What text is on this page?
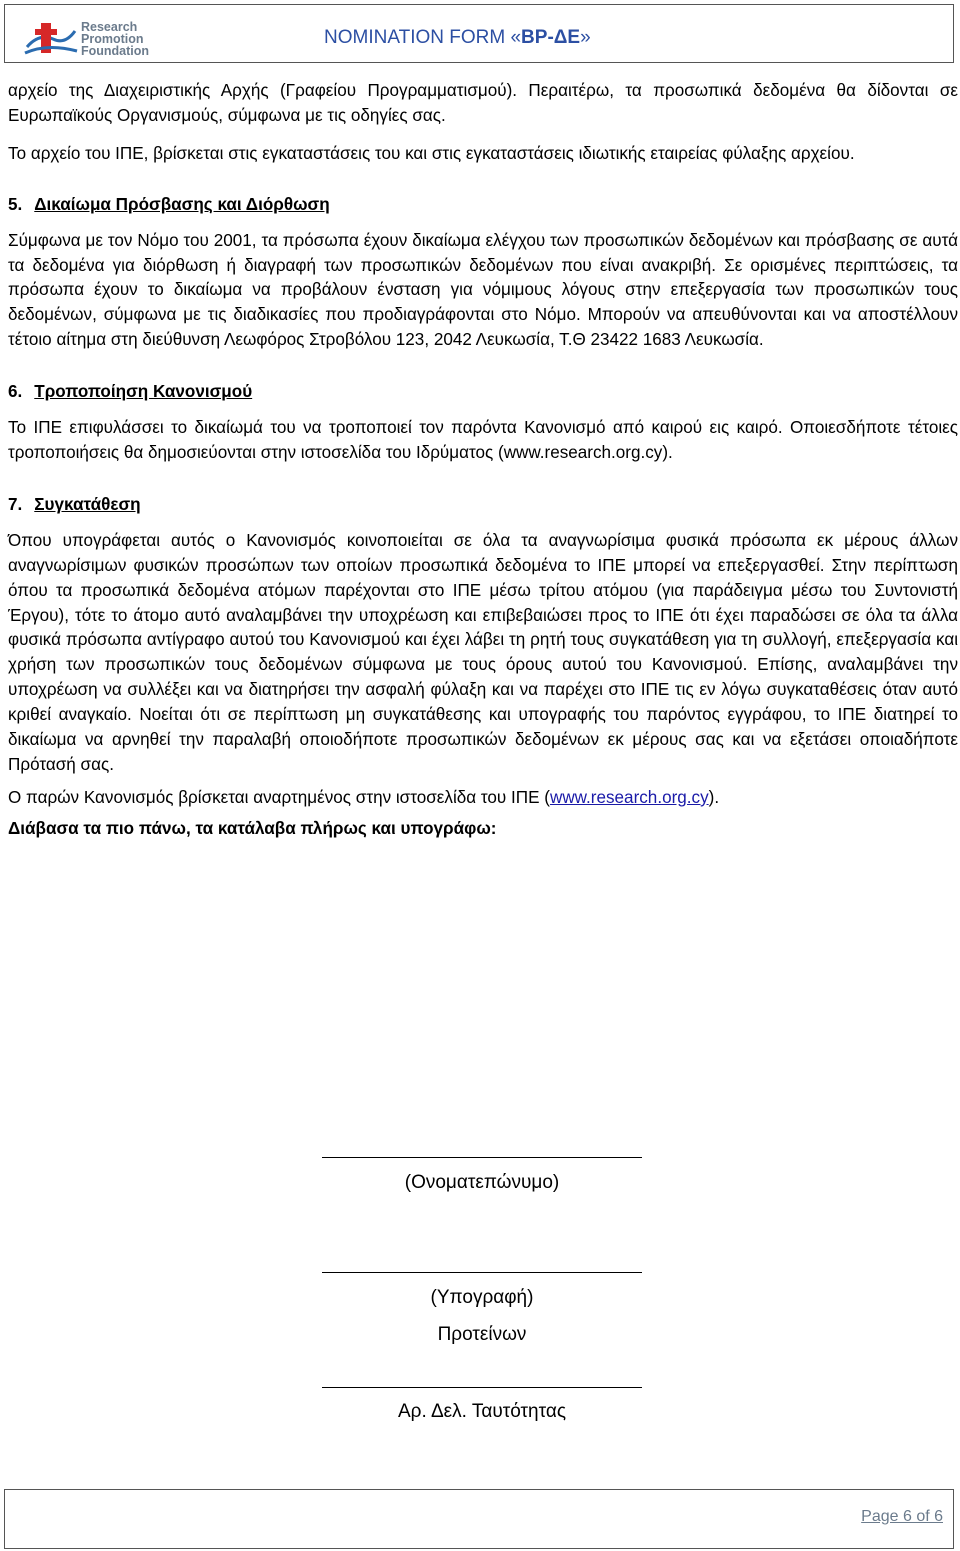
Research
Promotion
Foundation
NOMINATION FORM «ΒΡ-ΔΕ»

αρχείο της Διαχειριστικής Αρχής (Γραφείου Προγραμματισμού). Περαιτέρω, τα προσωπικά δεδομένα θα δίδονται σε Ευρωπαϊκούς Οργανισμούς, σύμφωνα με τις οδηγίες σας.

Το αρχείο του ΙΠΕ, βρίσκεται στις εγκαταστάσεις του και στις εγκαταστάσεις ιδιωτικής εταιρείας φύλαξης αρχείου.

5. Δικαίωμα Πρόσβασης και Διόρθωση

Σύμφωνα με τον Νόμο του 2001, τα πρόσωπα έχουν δικαίωμα ελέγχου των προσωπικών δεδομένων και πρόσβασης σε αυτά τα δεδομένα για διόρθωση ή διαγραφή των προσωπικών δεδομένων που είναι ανακριβή. Σε ορισμένες περιπτώσεις, τα πρόσωπα έχουν το δικαίωμα να προβάλουν ένσταση για νόμιμους λόγους στην επεξεργασία των προσωπικών τους δεδομένων, σύμφωνα με τις διαδικασίες που προδιαγράφονται στο Νόμο. Μπορούν να απευθύνονται και να αποστέλλουν τέτοιο αίτημα στη διεύθυνση Λεωφόρος Στροβόλου 123, 2042 Λευκωσία, Τ.Θ 23422 1683 Λευκωσία.

6. Τροποποίηση Κανονισμού

Το ΙΠΕ επιφυλάσσει το δικαίωμά του να τροποποιεί τον παρόντα Κανονισμό από καιρού εις καιρό. Οποιεσδήποτε τέτοιες τροποποιήσεις θα δημοσιεύονται στην ιστοσελίδα του Ιδρύματος (www.research.org.cy).

7. Συγκατάθεση

Όπου υπογράφεται αυτός ο Κανονισμός κοινοποιείται σε όλα τα αναγνωρίσιμα φυσικά πρόσωπα εκ μέρους άλλων αναγνωρίσιμων φυσικών προσώπων των οποίων προσωπικά δεδομένα το ΙΠΕ μπορεί να επεξεργασθεί. Στην περίπτωση όπου τα προσωπικά δεδομένα ατόμων παρέχονται στο ΙΠΕ μέσω τρίτου ατόμου (για παράδειγμα μέσω του Συντονιστή Έργου), τότε το άτομο αυτό αναλαμβάνει την υποχρέωση και επιβεβαιώσει προς το ΙΠΕ ότι έχει παραδώσει σε όλα τα άλλα φυσικά πρόσωπα αντίγραφο αυτού του Κανονισμού και έχει λάβει τη ρητή τους συγκατάθεση για τη συλλογή, επεξεργασία και χρήση των προσωπικών τους δεδομένων σύμφωνα με τους όρους αυτού του Κανονισμού. Επίσης, αναλαμβάνει την υποχρέωση να συλλέξει και να διατηρήσει την ασφαλή φύλαξη και να παρέχει στο ΙΠΕ τις εν λόγω συγκαταθέσεις όταν αυτό κριθεί αναγκαίο. Νοείται ότι σε περίπτωση μη συγκατάθεσης και υπογραφής του παρόντος εγγράφου, το ΙΠΕ διατηρεί το δικαίωμα να αρνηθεί την παραλαβή οποιοδήποτε προσωπικών δεδομένων εκ μέρους σας και να εξετάσει οποιαδήποτε Πρότασή σας.

Ο παρών Κανονισμός βρίσκεται αναρτημένος στην ιστοσελίδα του ΙΠΕ (www.research.org.cy).

Διάβασα τα πιο πάνω, τα κατάλαβα πλήρως και υπογράφω:

(Ονοματεπώνυμο)
(Υπογραφή)
Προτείνων
Αρ. Δελ. Ταυτότητας
Page 6 of 6
